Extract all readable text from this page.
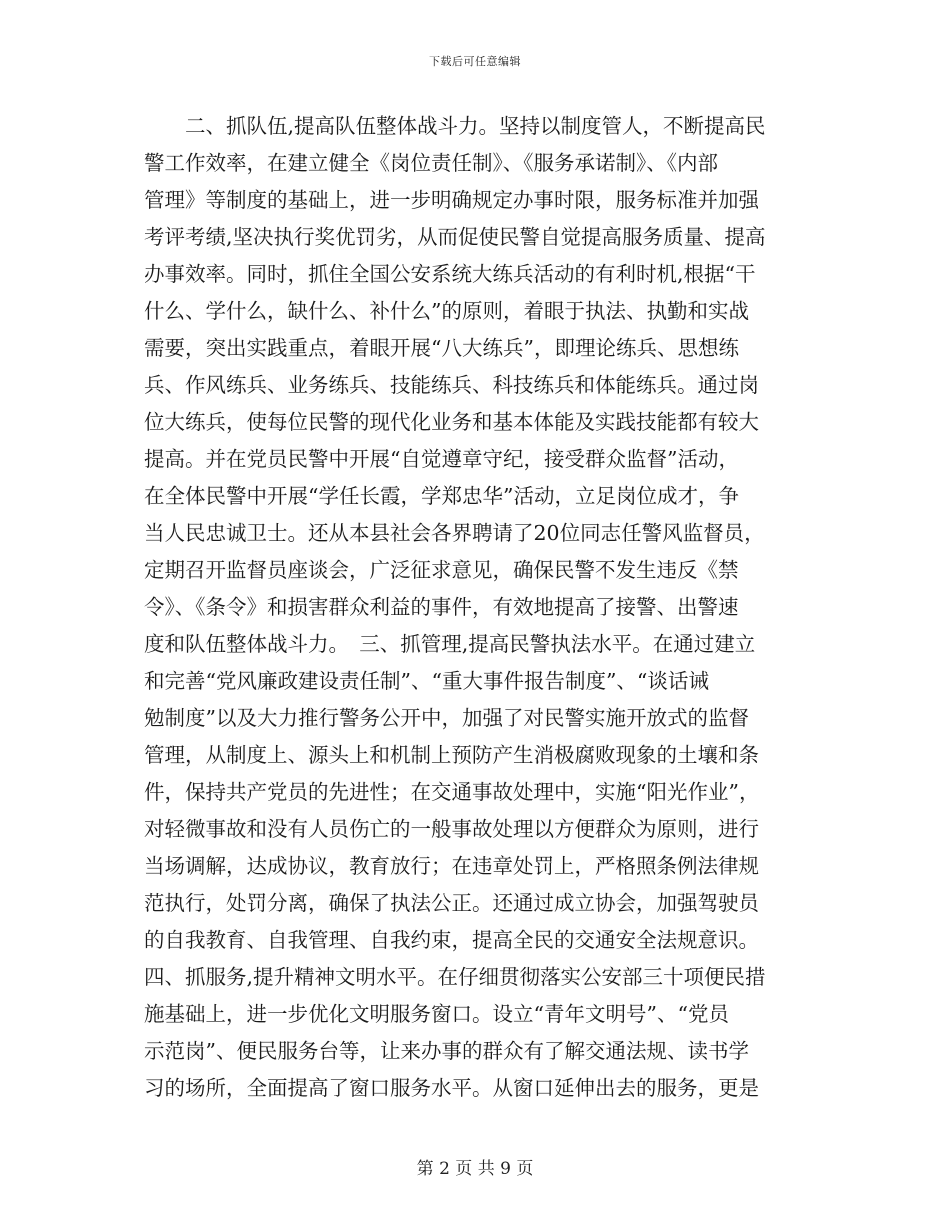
下载后可任意编辑
　　二、抓队伍,提高队伍整体战斗力。坚持以制度管人，不断提高民
警工作效率，在建立健全《岗位责任制》、《服务承诺制》、《内部
管理》等制度的基础上，进一步明确规定办事时限，服务标准并加强
考评考绩,坚决执行奖优罚劣，从而促使民警自觉提高服务质量、提高
办事效率。同时，抓住全国公安系统大练兵活动的有利时机,根据“干
什么、学什么，缺什么、补什么”的原则，着眼于执法、执勤和实战
需要，突出实践重点，着眼开展“八大练兵”，即理论练兵、思想练
兵、作风练兵、业务练兵、技能练兵、科技练兵和体能练兵。通过岗
位大练兵，使每位民警的现代化业务和基本体能及实践技能都有较大
提高。并在党员民警中开展“自觉遵章守纪，接受群众监督”活动，
在全体民警中开展“学任长霞，学郑忠华”活动，立足岗位成才，争
当人民忠诚卫士。还从本县社会各界聘请了20位同志任警风监督员，
定期召开监督员座谈会，广泛征求意见，确保民警不发生违反《禁
令》、《条令》和损害群众利益的事件，有效地提高了接警、出警速
度和队伍整体战斗力。　三、抓管理,提高民警执法水平。在通过建立
和完善“党风廉政建设责任制”、“重大事件报告制度”、“谈话诫
勉制度”以及大力推行警务公开中，加强了对民警实施开放式的监督
管理，从制度上、源头上和机制上预防产生消极腐败现象的土壤和条
件，保持共产党员的先进性；在交通事故处理中，实施“阳光作业”，
对轻微事故和没有人员伤亡的一般事故处理以方便群众为原则，进行
当场调解，达成协议，教育放行；在违章处罚上，严格照条例法律规
范执行，处罚分离，确保了执法公正。还通过成立协会，加强驾驶员
的自我教育、自我管理、自我约束，提高全民的交通安全法规意识。
四、抓服务,提升精神文明水平。在仔细贯彻落实公安部三十项便民措
施基础上，进一步优化文明服务窗口。设立“青年文明号”、“党员
示范岗”、便民服务台等，让来办事的群众有了解交通法规、读书学
习的场所，全面提高了窗口服务水平。从窗口延伸出去的服务，更是
第 2 页 共 9 页
